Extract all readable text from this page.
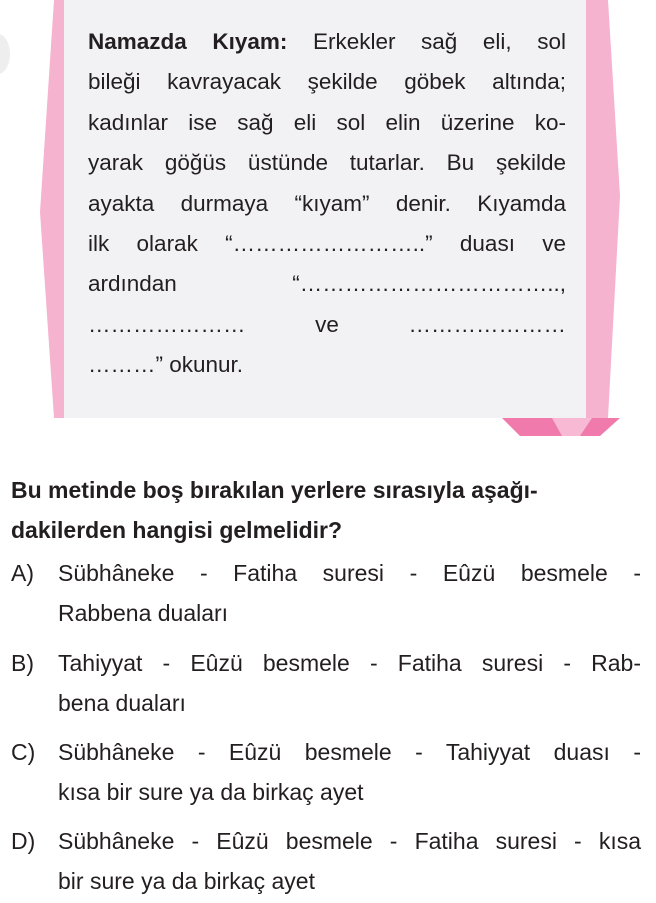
Namazda Kıyam: Erkekler sağ eli, sol
bileği kavrayacak şekilde göbek altında;
kadınlar ise sağ eli sol elin üzerine ko-
yarak göğüs üstünde tutarlar. Bu şekilde
ayakta durmaya “kıyam” denir. Kıyamda
ilk olarak “……………………..” duası ve
ardından “……………………………..,
………………… ve …………………
………” okunur.
Bu metinde boş bırakılan yerlere sırasıyla aşağı-
dakilerden hangisi gelmelidir?
A) Sübhâneke - Fatiha suresi - Eûzü besmele -
Rabbena duaları
B) Tahiyyat - Eûzü besmele - Fatiha suresi - Rab-
bena duaları
C) Sübhâneke - Eûzü besmele - Tahiyyat duası -
kısa bir sure ya da birkaç ayet
D) Sübhâneke - Eûzü besmele - Fatiha suresi - kısa
bir sure ya da birkaç ayet
